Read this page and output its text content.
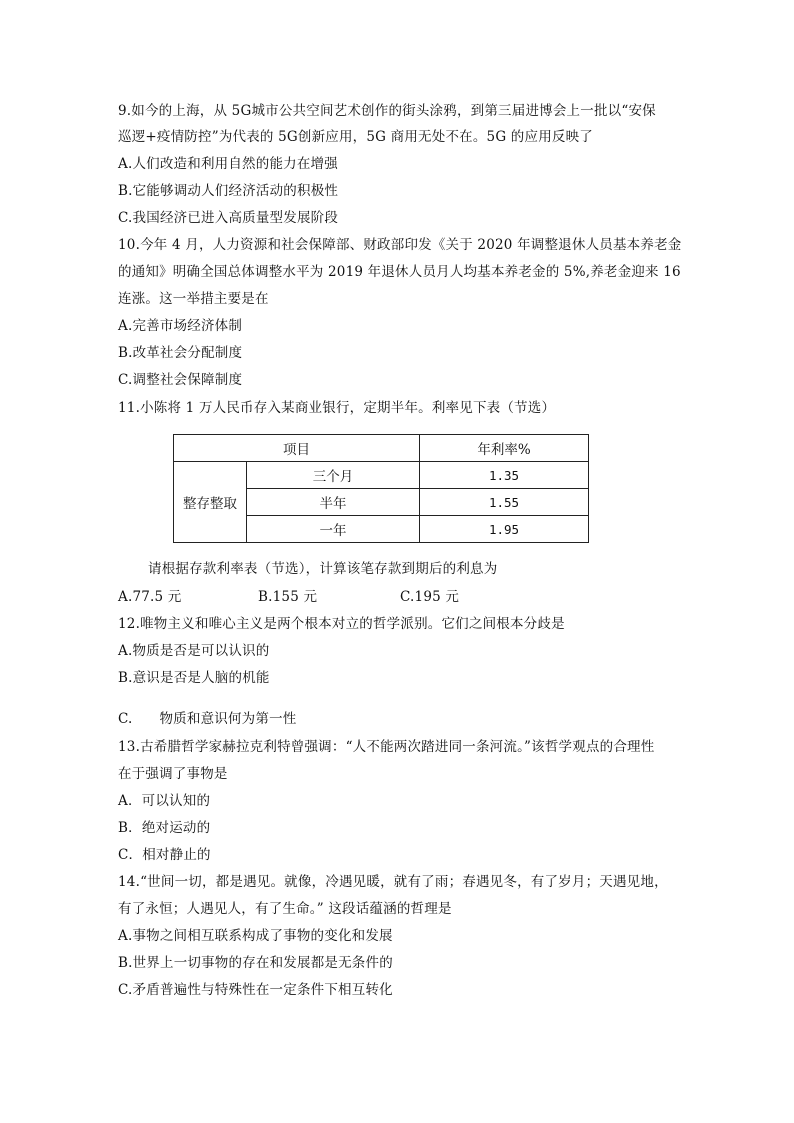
9.如今的上海，从 5G城市公共空间艺术创作的街头涂鸦，到第三届进博会上一批以“安保
巡逻+疫情防控”为代表的 5G创新应用，5G 商用无处不在。5G 的应用反映了
A.人们改造和利用自然的能力在增强
B.它能够调动人们经济活动的积极性
C.我国经济已进入高质量型发展阶段
10.今年 4 月，人力资源和社会保障部、财政部印发《关于 2020 年调整退休人员基本养老金
的通知》明确全国总体调整水平为 2019 年退休人员月人均基本养老金的 5%,养老金迎来 16
连涨。这一举措主要是在
A.完善市场经济体制
B.改革社会分配制度
C.调整社会保障制度
11.小陈将 1 万人民币存入某商业银行，定期半年。利率见下表（节选）
项目		年利率%
整存整取	三个月	1.35
	半年	1.55
	一年	1.95
请根据存款利率表（节选），计算该笔存款到期后的利息为
A.77.5 元	B.155 元	C.195 元
12.唯物主义和唯心主义是两个根本对立的哲学派别。它们之间根本分歧是
A.物质是否是可以认识的
B.意识是否是人脑的机能
C.      物质和意识何为第一性
13.古希腊哲学家赫拉克利特曾强调：“人不能两次踏进同一条河流。”该哲学观点的合理性
在于强调了事物是
A．可以认知的
B．绝对运动的
C．相对静止的
14.“世间一切，都是遇见。就像，冷遇见暖，就有了雨；春遇见冬，有了岁月；天遇见地，
有了永恒；人遇见人，有了生命。” 这段话蕴涵的哲理是
A.事物之间相互联系构成了事物的变化和发展
B.世界上一切事物的存在和发展都是无条件的
C.矛盾普遍性与特殊性在一定条件下相互转化
